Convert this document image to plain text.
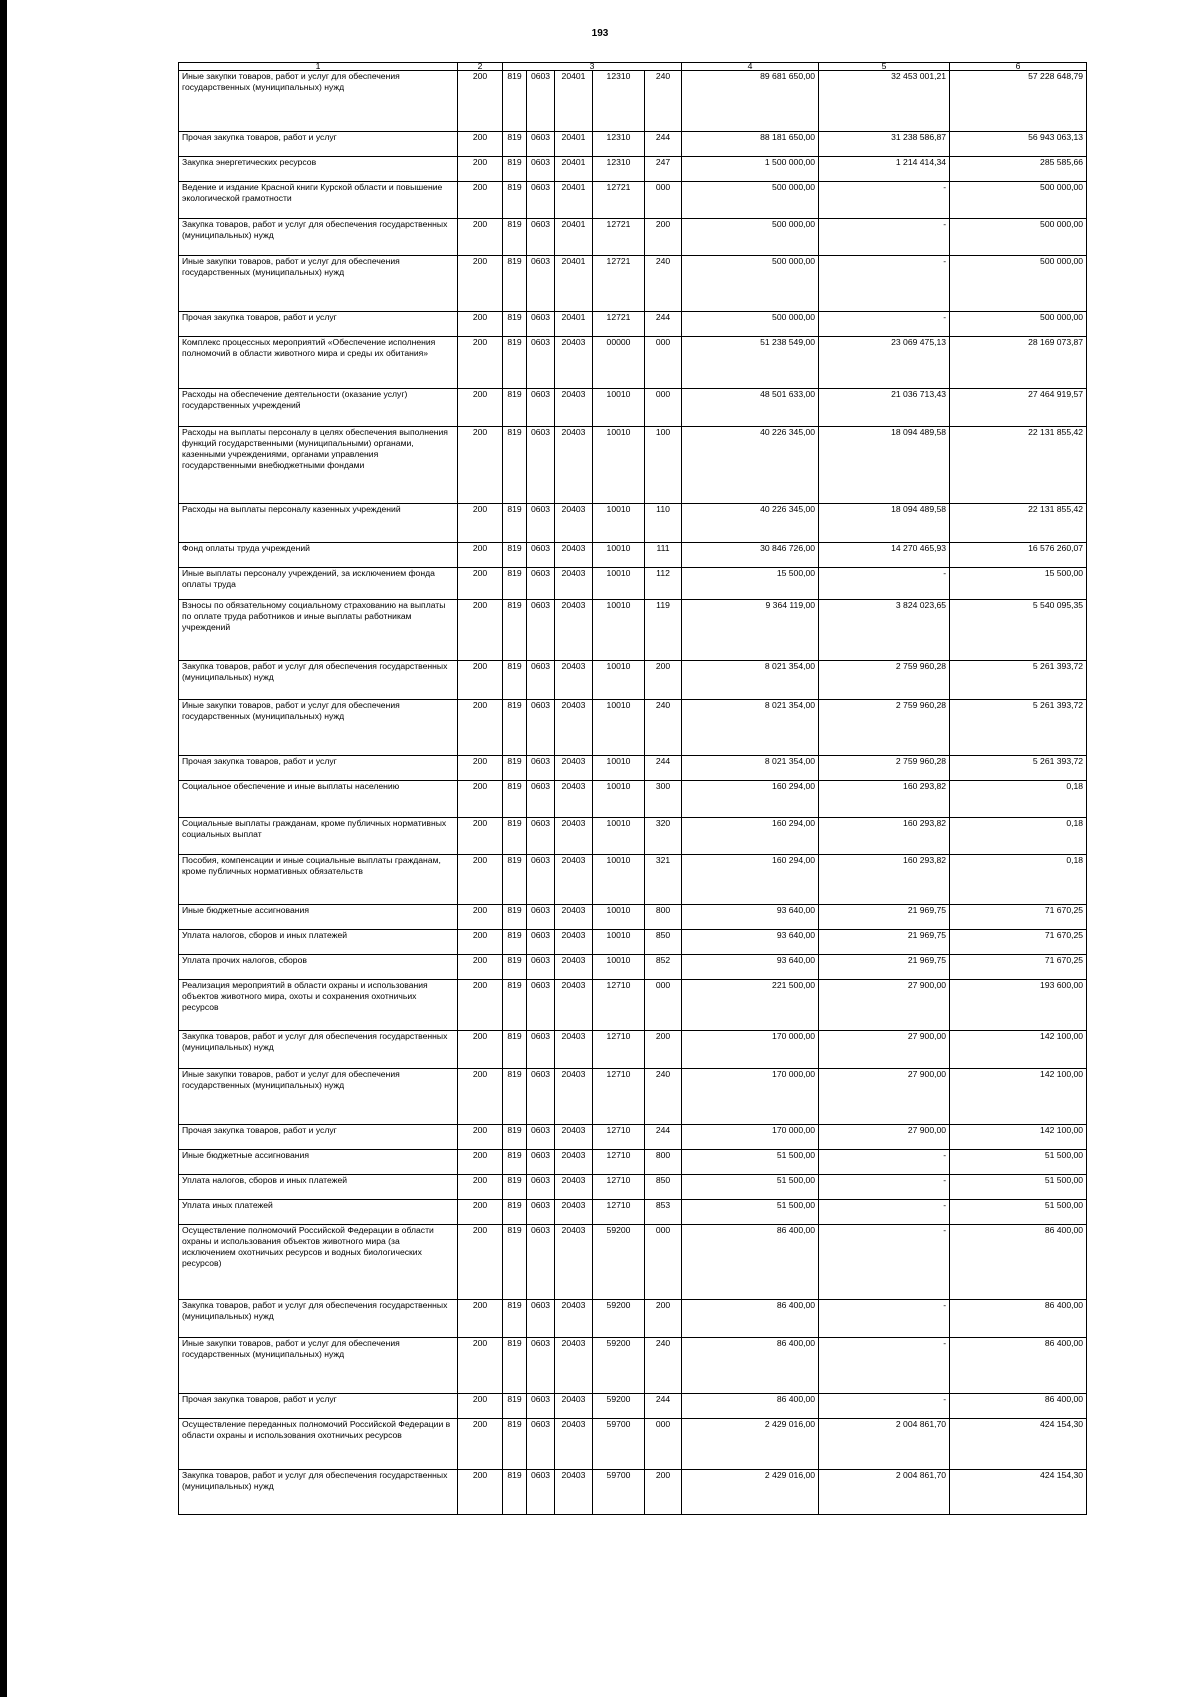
193
1	2	3					4	5	6
Иные закупки товаров, работ и услуг для обеспечения государственных (муниципальных) нужд	200	819	0603	20401	12310	240	89 681 650,00	32 453 001,21	57 228 648,79
Прочая закупка товаров, работ и услуг	200	819	0603	20401	12310	244	88 181 650,00	31 238 586,87	56 943 063,13
Закупка энергетических ресурсов	200	819	0603	20401	12310	247	1 500 000,00	1 214 414,34	285 585,66
Ведение и издание Красной книги Курской области и повышение экологической грамотности	200	819	0603	20401	12721	000	500 000,00	-	500 000,00
Закупка товаров, работ и услуг для обеспечения государственных (муниципальных) нужд	200	819	0603	20401	12721	200	500 000,00	-	500 000,00
Иные закупки товаров, работ и услуг для обеспечения государственных (муниципальных) нужд	200	819	0603	20401	12721	240	500 000,00	-	500 000,00
Прочая закупка товаров, работ и услуг	200	819	0603	20401	12721	244	500 000,00	-	500 000,00
Комплекс процессных мероприятий «Обеспечение исполнения полномочий в области животного мира и среды их обитания»	200	819	0603	20403	00000	000	51 238 549,00	23 069 475,13	28 169 073,87
Расходы на обеспечение деятельности (оказание услуг) государственных учреждений	200	819	0603	20403	10010	000	48 501 633,00	21 036 713,43	27 464 919,57
Расходы на выплаты персоналу в целях обеспечения выполнения функций государственными (муниципальными) органами, казенными учреждениями, органами управления государственными внебюджетными фондами	200	819	0603	20403	10010	100	40 226 345,00	18 094 489,58	22 131 855,42
Расходы на выплаты персоналу казенных учреждений	200	819	0603	20403	10010	110	40 226 345,00	18 094 489,58	22 131 855,42
Фонд оплаты труда учреждений	200	819	0603	20403	10010	111	30 846 726,00	14 270 465,93	16 576 260,07
Иные выплаты персоналу учреждений, за исключением фонда оплаты труда	200	819	0603	20403	10010	112	15 500,00	-	15 500,00
Взносы по обязательному социальному страхованию на выплаты по оплате труда работников и иные выплаты работникам учреждений	200	819	0603	20403	10010	119	9 364 119,00	3 824 023,65	5 540 095,35
Закупка товаров, работ и услуг для обеспечения государственных (муниципальных) нужд	200	819	0603	20403	10010	200	8 021 354,00	2 759 960,28	5 261 393,72
Иные закупки товаров, работ и услуг для обеспечения государственных (муниципальных) нужд	200	819	0603	20403	10010	240	8 021 354,00	2 759 960,28	5 261 393,72
Прочая закупка товаров, работ и услуг	200	819	0603	20403	10010	244	8 021 354,00	2 759 960,28	5 261 393,72
Социальное обеспечение и иные выплаты населению	200	819	0603	20403	10010	300	160 294,00	160 293,82	0,18
Социальные выплаты гражданам, кроме публичных нормативных социальных выплат	200	819	0603	20403	10010	320	160 294,00	160 293,82	0,18
Пособия, компенсации и иные социальные выплаты гражданам, кроме публичных нормативных обязательств	200	819	0603	20403	10010	321	160 294,00	160 293,82	0,18
Иные бюджетные ассигнования	200	819	0603	20403	10010	800	93 640,00	21 969,75	71 670,25
Уплата налогов, сборов и иных платежей	200	819	0603	20403	10010	850	93 640,00	21 969,75	71 670,25
Уплата прочих налогов, сборов	200	819	0603	20403	10010	852	93 640,00	21 969,75	71 670,25
Реализация мероприятий в области охраны и использования объектов животного мира, охоты и сохранения охотничьих ресурсов	200	819	0603	20403	12710	000	221 500,00	27 900,00	193 600,00
Закупка товаров, работ и услуг для обеспечения государственных (муниципальных) нужд	200	819	0603	20403	12710	200	170 000,00	27 900,00	142 100,00
Иные закупки товаров, работ и услуг для обеспечения государственных (муниципальных) нужд	200	819	0603	20403	12710	240	170 000,00	27 900,00	142 100,00
Прочая закупка товаров, работ и услуг	200	819	0603	20403	12710	244	170 000,00	27 900,00	142 100,00
Иные бюджетные ассигнования	200	819	0603	20403	12710	800	51 500,00	-	51 500,00
Уплата налогов, сборов и иных платежей	200	819	0603	20403	12710	850	51 500,00	-	51 500,00
Уплата иных платежей	200	819	0603	20403	12710	853	51 500,00	-	51 500,00
Осуществление полномочий Российской Федерации в области охраны и использования объектов животного мира (за исключением охотничьих ресурсов и водных биологических ресурсов)	200	819	0603	20403	59200	000	86 400,00	-	86 400,00
Закупка товаров, работ и услуг для обеспечения государственных (муниципальных) нужд	200	819	0603	20403	59200	200	86 400,00	-	86 400,00
Иные закупки товаров, работ и услуг для обеспечения государственных (муниципальных) нужд	200	819	0603	20403	59200	240	86 400,00	-	86 400,00
Прочая закупка товаров, работ и услуг	200	819	0603	20403	59200	244	86 400,00	-	86 400,00
Осуществление переданных полномочий Российской Федерации в области охраны и использования охотничьих ресурсов	200	819	0603	20403	59700	000	2 429 016,00	2 004 861,70	424 154,30
Закупка товаров, работ и услуг для обеспечения государственных (муниципальных) нужд	200	819	0603	20403	59700	200	2 429 016,00	2 004 861,70	424 154,30
